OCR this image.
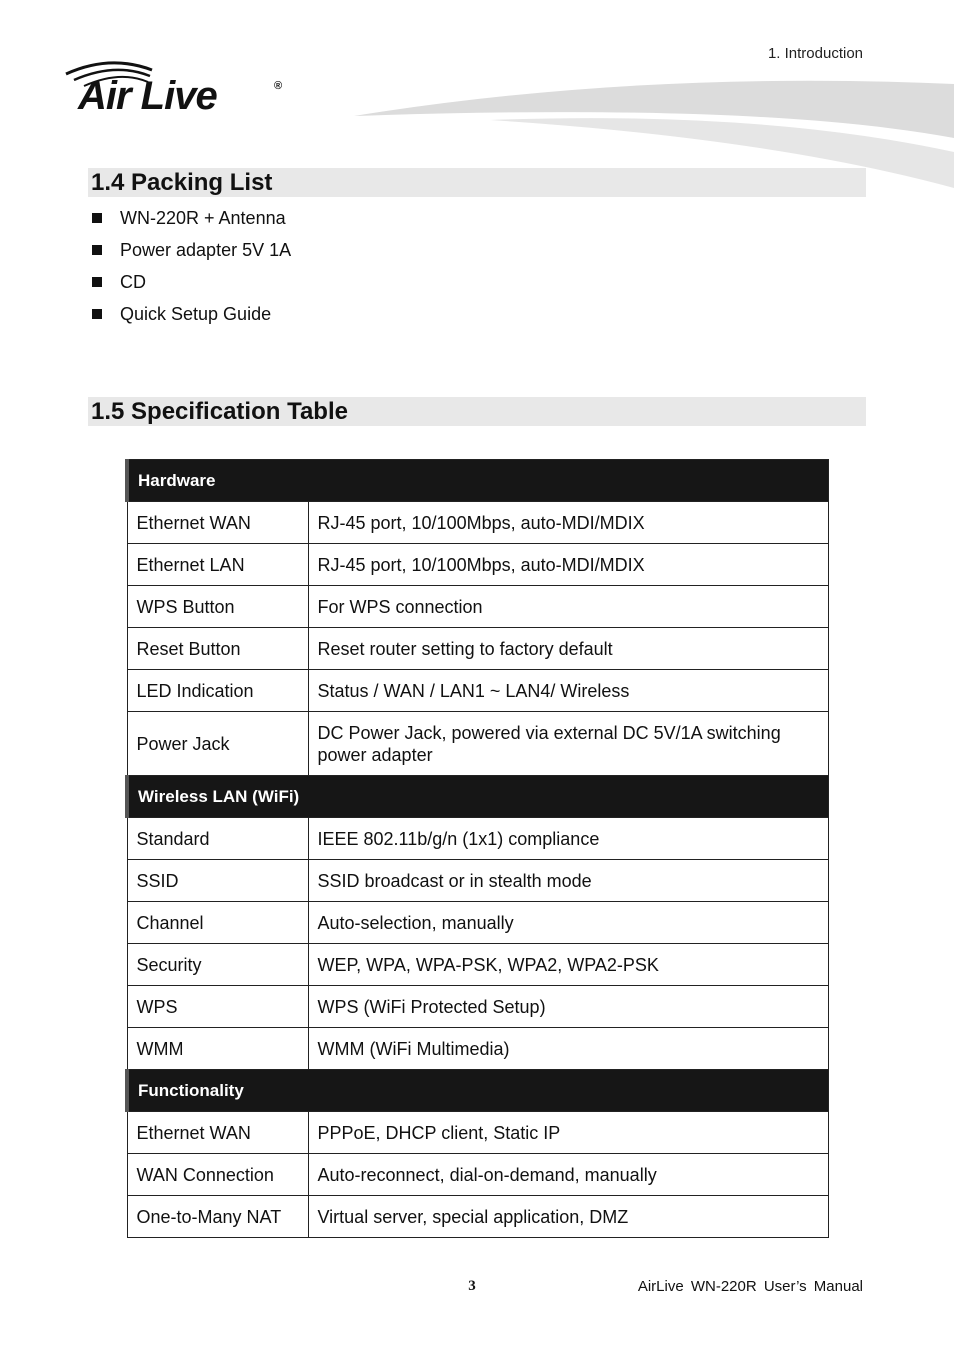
1. Introduction
Air Live	®
1.4 Packing List
WN-220R + Antenna
Power adapter 5V 1A
CD
Quick Setup Guide
1.5 Specification Table
Hardware	
Ethernet WAN	RJ-45 port, 10/100Mbps, auto-MDI/MDIX
Ethernet LAN	RJ-45 port, 10/100Mbps, auto-MDI/MDIX
WPS Button	For WPS connection
Reset Button	Reset router setting to factory default
LED Indication	Status / WAN / LAN1 ~ LAN4/ Wireless
Power Jack	DC Power Jack, powered via external DC 5V/1A switching power adapter
Wireless LAN (WiFi)	
Standard	IEEE 802.11b/g/n (1x1) compliance
SSID	SSID broadcast or in stealth mode
Channel	Auto-selection, manually
Security	WEP, WPA, WPA-PSK, WPA2, WPA2-PSK
WPS	WPS (WiFi Protected Setup)
WMM	WMM (WiFi Multimedia)
Functionality	
Ethernet WAN	PPPoE, DHCP client, Static IP
WAN Connection	Auto-reconnect, dial-on-demand, manually
One-to-Many NAT	Virtual server, special application, DMZ
3	AirLive WN-220R User’s Manual
